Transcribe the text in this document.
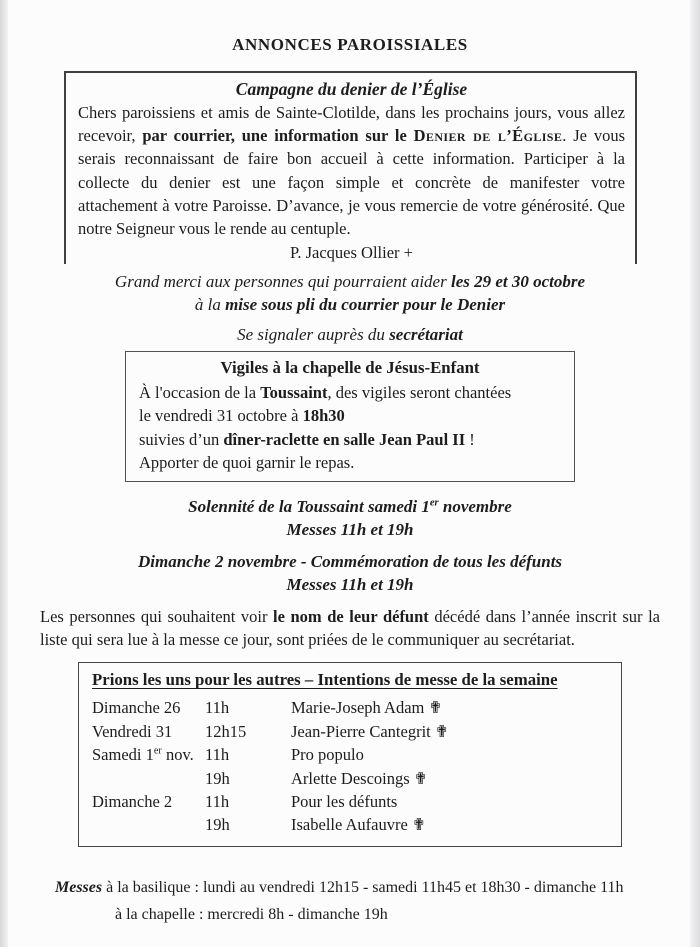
ANNONCES PAROISSIALES
Campagne du denier de l’Église

Chers paroissiens et amis de Sainte-Clotilde, dans les prochains jours, vous allez recevoir, par courrier, une information sur le Denier de l’Église. Je vous serais reconnaissant de faire bon accueil à cette information. Participer à la collecte du denier est une façon simple et concrète de manifester votre attachement à votre Paroisse. D’avance, je vous remercie de votre générosité. Que notre Seigneur vous le rende au centuple.

P. Jacques Ollier +
Grand merci aux personnes qui pourraient aider les 29 et 30 octobre
à la mise sous pli du courrier pour le Denier
Se signaler auprès du secrétariat
Vigiles à la chapelle de Jésus-Enfant
À l'occasion de la Toussaint, des vigiles seront chantées
le vendredi 31 octobre à 18h30
suivies d’un dîner-raclette en salle Jean Paul II !
Apporter de quoi garnir le repas.
Solennité de la Toussaint samedi 1er novembre
Messes 11h et 19h
Dimanche 2 novembre - Commémoration de tous les défunts
Messes 11h et 19h

Les personnes qui souhaitent voir le nom de leur défunt décédé dans l’année inscrit sur la liste qui sera lue à la messe ce jour, sont priées de le communiquer au secrétariat.

Prions les uns pour les autres – Intentions de messe de la semaine
Dimanche 26	11h	Marie-Joseph Adam ✟
Vendredi 31	12h15	Jean-Pierre Cantegrit ✟
Samedi 1er nov.	11h	Pro populo
	19h	Arlette Descoings ✟
Dimanche 2	11h	Pour les défunts
	19h	Isabelle Aufauvre ✟
Messes à la basilique : lundi au vendredi 12h15 - samedi 11h45 et 18h30 - dimanche 11h
à la chapelle : mercredi 8h - dimanche 19h
